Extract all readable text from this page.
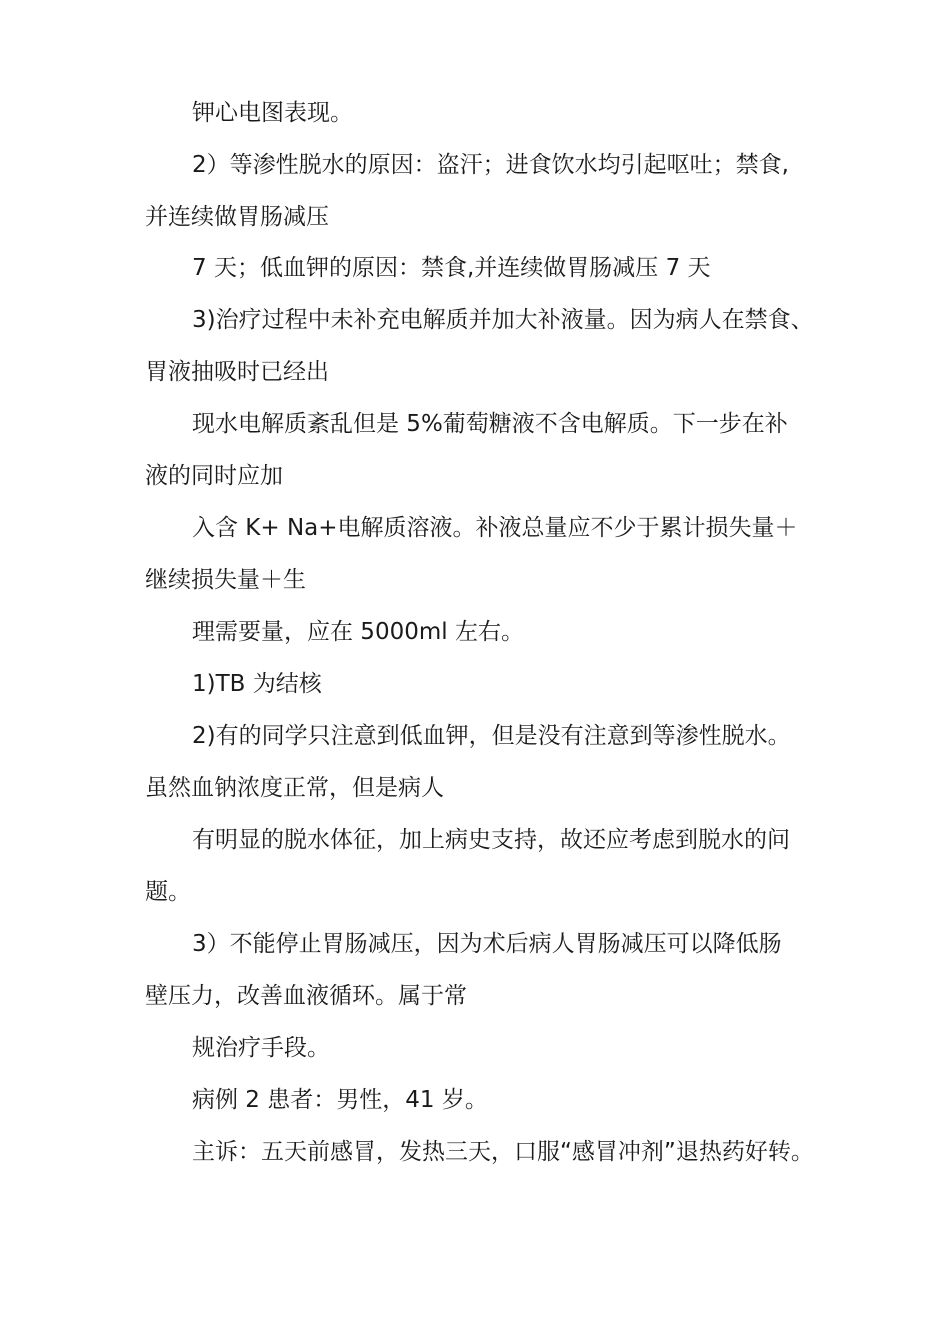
钾心电图表现。
2）等渗性脱水的原因：盗汗；进食饮水均引起呕吐；禁食,
并连续做胃肠减压
7 天；低血钾的原因：禁食,并连续做胃肠减压 7 天
3)治疗过程中未补充电解质并加大补液量。因为病人在禁食、
胃液抽吸时已经出
现水电解质紊乱但是 5%葡萄糖液不含电解质。下一步在补
液的同时应加
入含 K+ Na+电解质溶液。补液总量应不少于累计损失量＋
继续损失量＋生
理需要量，应在 5000ml 左右。
1)TB 为结核
2)有的同学只注意到低血钾，但是没有注意到等渗性脱水。
虽然血钠浓度正常，但是病人
有明显的脱水体征，加上病史支持，故还应考虑到脱水的问
题。
3）不能停止胃肠减压，因为术后病人胃肠减压可以降低肠
壁压力，改善血液循环。属于常
规治疗手段。
病例 2 患者：男性，41 岁。
主诉：五天前感冒，发热三天，口服“感冒冲剂”退热药好转。
